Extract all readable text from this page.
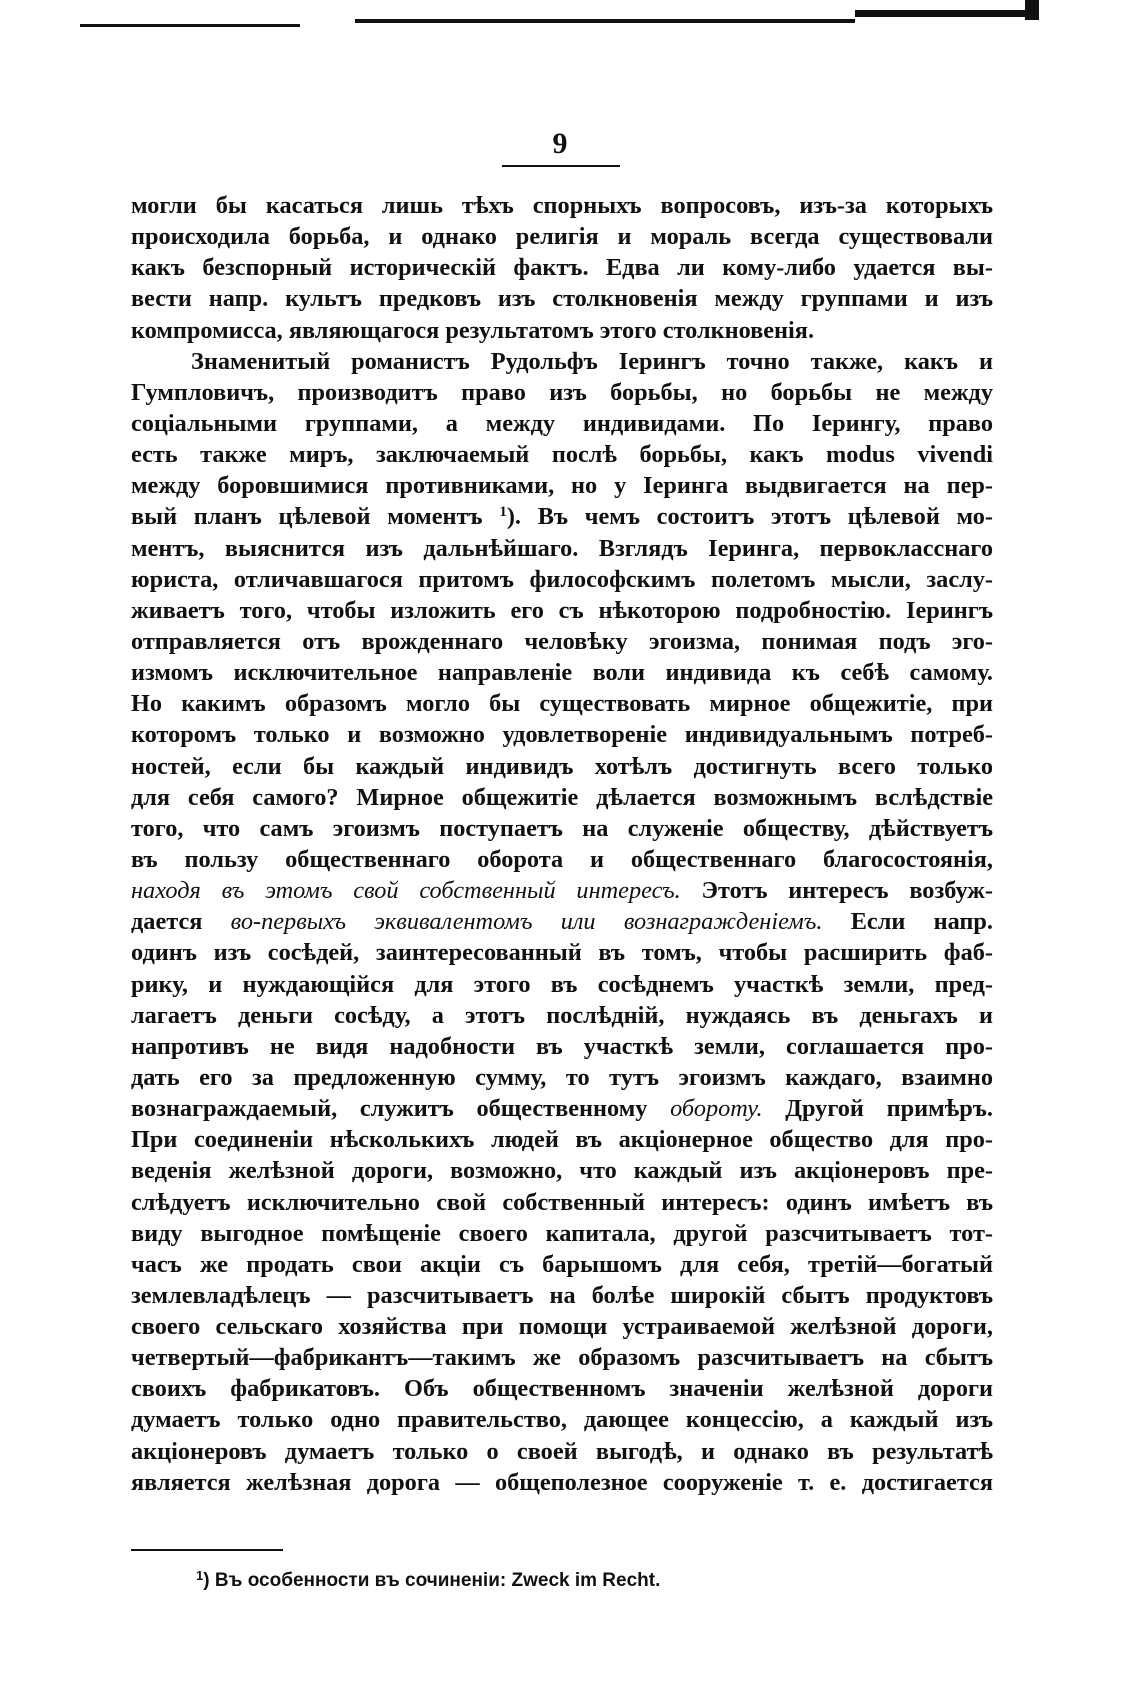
9
могли бы касаться лишь тѣхъ спорныхъ вопросовъ, изъ-за которыхъ
происходила борьба, и однако религія и мораль всегда существовали
какъ безспорный историческій фактъ. Едва ли кому-либо удается вы-
вести напр. культъ предковъ изъ столкновенія между группами и изъ
компромисса, являющагося результатомъ этого столкновенія.
Знаменитый романистъ Рудольфъ Іерингъ точно также, какъ и
Гумпловичъ, производитъ право изъ борьбы, но борьбы не между
соціальными группами, а между индивидами. По Іерингу, право
есть также миръ, заключаемый послѣ борьбы, какъ modus vivendi
между боровшимися противниками, но у Іеринга выдвигается на пер-
вый планъ цѣлевой моментъ $^1$). Въ чемъ состоитъ этотъ цѣлевой мо-
ментъ, выяснится изъ дальнѣйшаго. Взглядъ Іеринга, первокласснаго
юриста, отличавшагося притомъ философскимъ полетомъ мысли, заслу-
живаетъ того, чтобы изложить его съ нѣкоторою подробностію. Іерингъ
отправляется отъ врожденнаго человѣку эгоизма, понимая подъ эго-
измомъ исключительное направленіе воли индивида къ себѣ самому.
Но какимъ образомъ могло бы существовать мирное общежитіе, при
которомъ только и возможно удовлетвореніе индивидуальнымъ потреб-
ностей, если бы каждый индивидъ хотѣлъ достигнуть всего только
для себя самого? Мирное общежитіе дѣлается возможнымъ вслѣдствіе
того, что самъ эгоизмъ поступаетъ на служеніе обществу, дѣйствуетъ
въ пользу общественнаго оборота и общественнаго благосостоянія,
находя въ этомъ свой собственный интересъ. Этотъ интересъ возбуж-
дается во-первыхъ эквивалентомъ или вознагражденіемъ. Если напр.
одинъ изъ сосѣдей, заинтересованный въ томъ, чтобы расширить фаб-
рику, и нуждающійся для этого въ сосѣднемъ участкѣ земли, пред-
лагаетъ деньги сосѣду, а этотъ послѣдній, нуждаясь въ деньгахъ и
напротивъ не видя надобности въ участкѣ земли, соглашается про-
дать его за предложенную сумму, то тутъ эгоизмъ каждаго, взаимно
вознаграждаемый, служитъ общественному обороту. Другой примѣръ.
При соединеніи нѣсколькихъ людей въ акціонерное общество для про-
веденія желѣзной дороги, возможно, что каждый изъ акціонеровъ пре-
слѣдуетъ исключительно свой собственный интересъ: одинъ имѣетъ въ
виду выгодное помѣщеніе своего капитала, другой разсчитываетъ тот-
часъ же продать свои акціи съ барышомъ для себя, третій—богатый
землевладѣлецъ — разсчитываетъ на болѣе широкій сбытъ продуктовъ
своего сельскаго хозяйства при помощи устраиваемой желѣзной дороги,
четвертый—фабрикантъ—такимъ же образомъ разсчитываетъ на сбытъ
своихъ фабрикатовъ. Объ общественномъ значеніи желѣзной дороги
думаетъ только одно правительство, дающее концессію, а каждый изъ
акціонеровъ думаетъ только о своей выгодѣ, и однако въ результатѣ
является желѣзная дорога — общеполезное сооруженіе т. е. достигается
$^1$) Въ особенности въ сочиненіи: Zweck im Recht.
